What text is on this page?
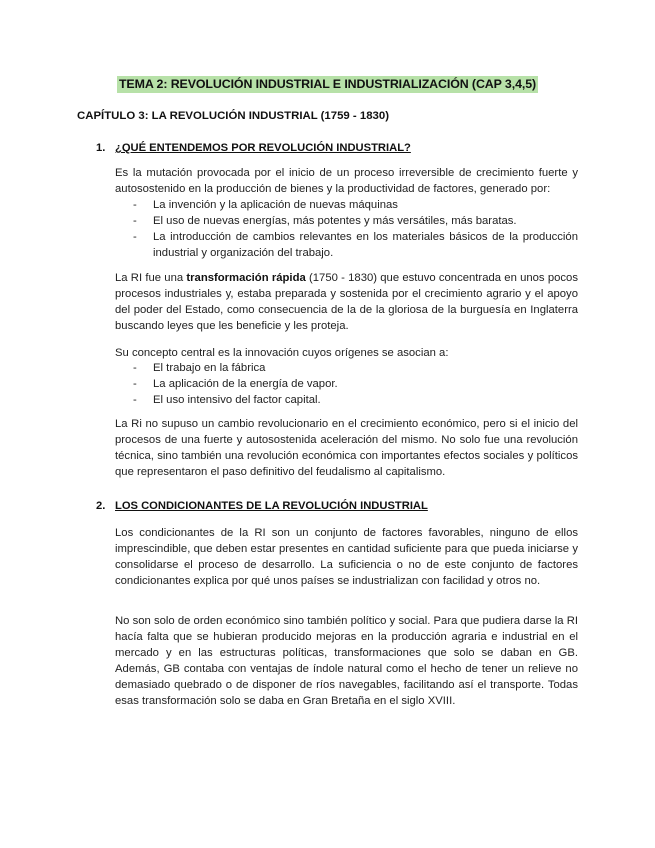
TEMA 2: REVOLUCIÓN INDUSTRIAL E INDUSTRIALIZACIÓN (CAP 3,4,5)
CAPÍTULO 3: LA REVOLUCIÓN INDUSTRIAL (1759 - 1830)
1. ¿QUÉ ENTENDEMOS POR REVOLUCIÓN INDUSTRIAL?

Es la mutación provocada por el inicio de un proceso irreversible de crecimiento fuerte y autosostenido en la producción de bienes y la productividad de factores, generado por:

- La invención y la aplicación de nuevas máquinas
- El uso de nuevas energías, más potentes y más versátiles, más baratas.
- La introducción de cambios relevantes en los materiales básicos de la producción industrial y organización del trabajo.

La RI fue una transformación rápida (1750 - 1830) que estuvo concentrada en unos pocos procesos industriales y, estaba preparada y sostenida por el crecimiento agrario y el apoyo del poder del Estado, como consecuencia de la de la gloriosa de la burguesía en Inglaterra buscando leyes que les beneficie y les proteja.

Su concepto central es la innovación cuyos orígenes se asocian a:

- El trabajo en la fábrica
- La aplicación de la energía de vapor.
- El uso intensivo del factor capital.

La Ri no supuso un cambio revolucionario en el crecimiento económico, pero si el inicio del procesos de una fuerte y autosostenida aceleración del mismo. No solo fue una revolución técnica, sino también una revolución económica con importantes efectos sociales y políticos que representaron el paso definitivo del feudalismo al capitalismo.

2. LOS CONDICIONANTES DE LA REVOLUCIÓN INDUSTRIAL

Los condicionantes de la RI son un conjunto de factores favorables, ninguno de ellos imprescindible, que deben estar presentes en cantidad suficiente para que pueda iniciarse y consolidarse el proceso de desarrollo. La suficiencia o no de este conjunto de factores condicionantes explica por qué unos países se industrializan con facilidad y otros no.

No son solo de orden económico sino también político y social. Para que pudiera darse la RI hacía falta que se hubieran producido mejoras en la producción agraria e industrial en el mercado y en las estructuras políticas, transformaciones que solo se daban en GB. Además, GB contaba con ventajas de índole natural como el hecho de tener un relieve no demasiado quebrado o de disponer de ríos navegables, facilitando así el transporte. Todas esas transformación solo se daba en Gran Bretaña en el siglo XVIII.
